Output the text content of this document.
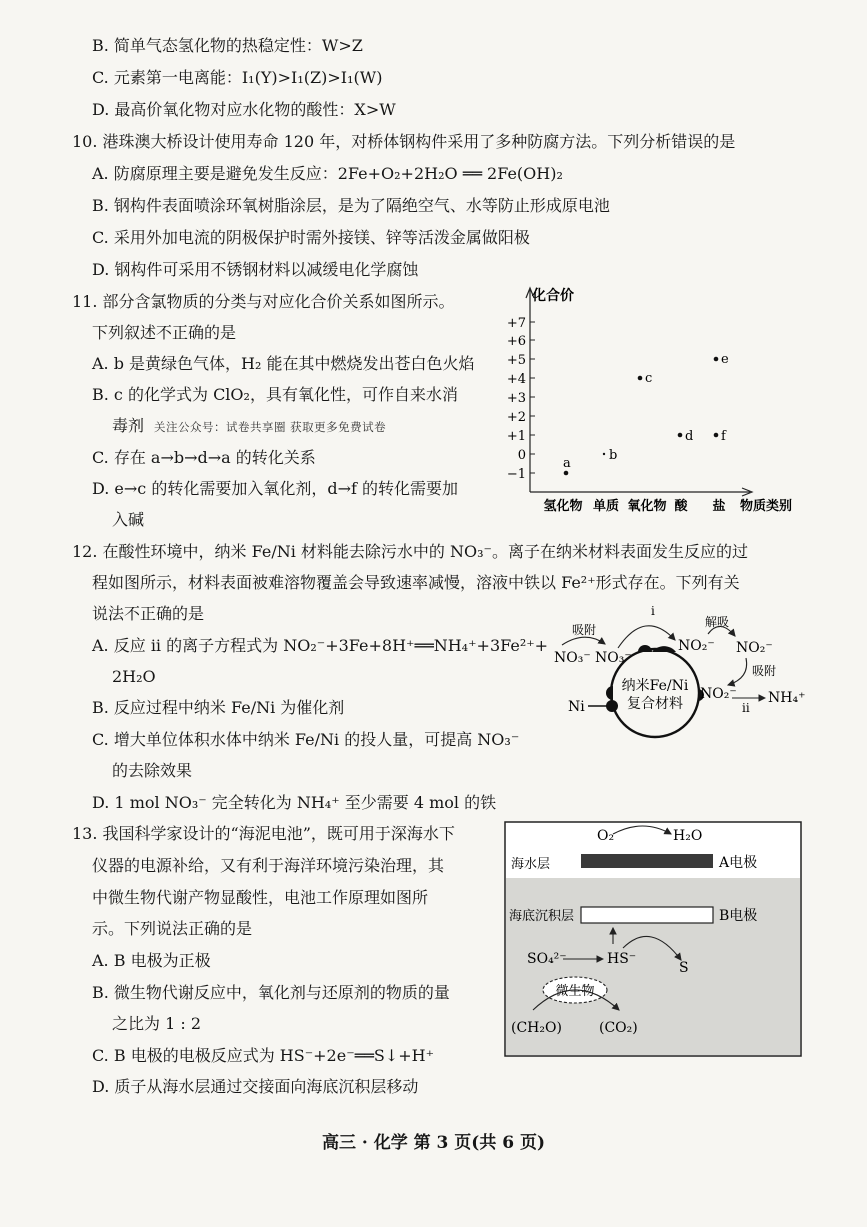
B. 简单气态氢化物的热稳定性：W>Z
C. 元素第一电离能：I₁(Y)>I₁(Z)>I₁(W)
D. 最高价氧化物对应水化物的酸性：X>W
10. 港珠澳大桥设计使用寿命 120 年，对桥体钢构件采用了多种防腐方法。下列分析错误的是
A. 防腐原理主要是避免发生反应：2Fe+O₂+2H₂O ══ 2Fe(OH)₂
B. 钢构件表面喷涂环氧树脂涂层，是为了隔绝空气、水等防止形成原电池
C. 采用外加电流的阴极保护时需外接镁、锌等活泼金属做阳极
D. 钢构件可采用不锈钢材料以减缓电化学腐蚀
11. 部分含氯物质的分类与对应化合价关系如图所示。
下列叙述不正确的是
A. b 是黄绿色气体，H₂ 能在其中燃烧发出苍白色火焰
B. c 的化学式为 ClO₂，具有氧化性，可作自来水消
毒剂 关注公众号：试卷共享圈 获取更多免费试卷
C. 存在 a→b→d→a 的转化关系
D. e→c 的转化需要加入氧化剂，d→f 的转化需要加
入碱
化合价
+7
+6
+5
+4
+3
+2
+1
0
−1
氢化物 单质 氧化物 酸 盐 物质类别
a
b
c
d
e
f
12. 在酸性环境中，纳米 Fe/Ni 材料能去除污水中的 NO₃⁻。离子在纳米材料表面发生反应的过
程如图所示，材料表面被难溶物覆盖会导致速率减慢，溶液中铁以 Fe²⁺形式存在。下列有关
说法不正确的是
A. 反应 ii 的离子方程式为 NO₂⁻+3Fe+8H⁺══NH₄⁺+3Fe²⁺+
2H₂O
B. 反应过程中纳米 Fe/Ni 为催化剂
C. 增大单位体积水体中纳米 Fe/Ni 的投人量，可提高 NO₃⁻
的去除效果
D. 1 mol NO₃⁻ 完全转化为 NH₄⁺ 至少需要 4 mol 的铁
纳米Fe/Ni
复合材料
Ni
NO₃⁻ NO₃⁻
吸附
i
NO₂⁻
解吸
NO₂⁻
吸附
NO₂⁻
ii
NH₄⁺
13. 我国科学家设计的“海泥电池”，既可用于深海水下
仪器的电源补给，又有利于海洋环境污染治理，其
中微生物代谢产物显酸性，电池工作原理如图所
示。下列说法正确的是
A. B 电极为正极
B. 微生物代谢反应中，氧化剂与还原剂的物质的量
之比为 1 : 2
C. B 电极的电极反应式为 HS⁻+2e⁻══S↓+H⁺
D. 质子从海水层通过交接面向海底沉积层移动
O₂	H₂O
海水层	A电极
海底沉积层	B电极
SO₄²⁻	HS⁻
S
微生物
(CH₂O)	(CO₂)
高三 · 化学 第 3 页(共 6 页)
